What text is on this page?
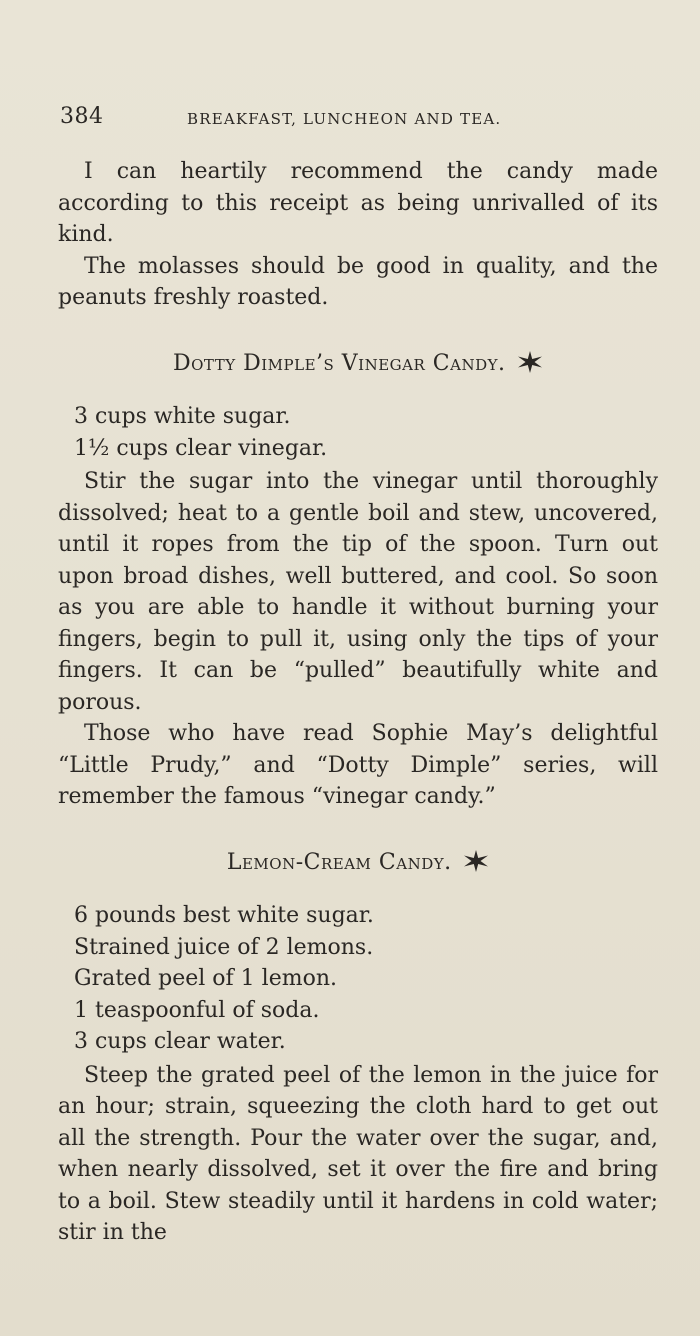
384	BREAKFAST, LUNCHEON AND TEA.

I can heartily recommend the candy made according to this receipt as being unrivalled of its kind.

The molasses should be good in quality, and the peanuts freshly roasted.

Dotty Dimple’s Vinegar Candy.
3 cups white sugar.
1½ cups clear vinegar.

Stir the sugar into the vinegar until thoroughly dissolved; heat to a gentle boil and stew, uncovered, until it ropes from the tip of the spoon. Turn out upon broad dishes, well buttered, and cool. So soon as you are able to handle it without burning your fingers, begin to pull it, using only the tips of your fingers. It can be “pulled” beautifully white and porous.

Those who have read Sophie May’s delightful “Little Prudy,” and “Dotty Dimple” series, will remember the famous “vinegar candy.”

Lemon-Cream Candy.
6 pounds best white sugar.
Strained juice of 2 lemons.
Grated peel of 1 lemon.
1 teaspoonful of soda.
3 cups clear water.

Steep the grated peel of the lemon in the juice for an hour; strain, squeezing the cloth hard to get out all the strength. Pour the water over the sugar, and, when nearly dissolved, set it over the fire and bring to a boil. Stew steadily until it hardens in cold water; stir in the
